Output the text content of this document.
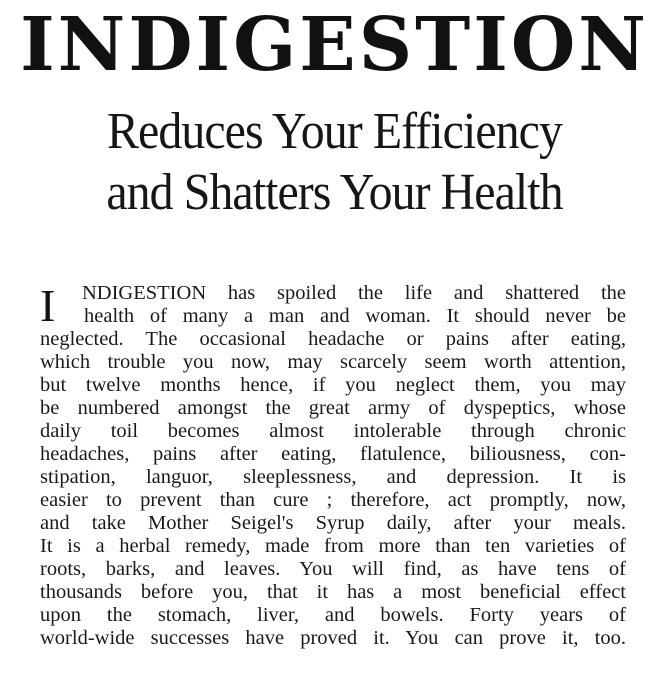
INDIGESTION
Reduces Your Efficiency
and Shatters Your Health
I	NDIGESTION has spoiled the life and shattered the
health of many a man and woman. It should never be
neglected. The occasional headache or pains after eating,
which trouble you now, may scarcely seem worth attention,
but twelve months hence, if you neglect them, you may
be numbered amongst the great army of dyspeptics, whose
daily toil becomes almost intolerable through chronic
headaches, pains after eating, flatulence, biliousness, con-
stipation, languor, sleeplessness, and depression. It is
easier to prevent than cure ; therefore, act promptly, now,
and take Mother Seigel's Syrup daily, after your meals.
It is a herbal remedy, made from more than ten varieties of
roots, barks, and leaves. You will find, as have tens of
thousands before you, that it has a most beneficial effect
upon the stomach, liver, and bowels. Forty years of
world-wide successes have proved it. You can prove it, too.
